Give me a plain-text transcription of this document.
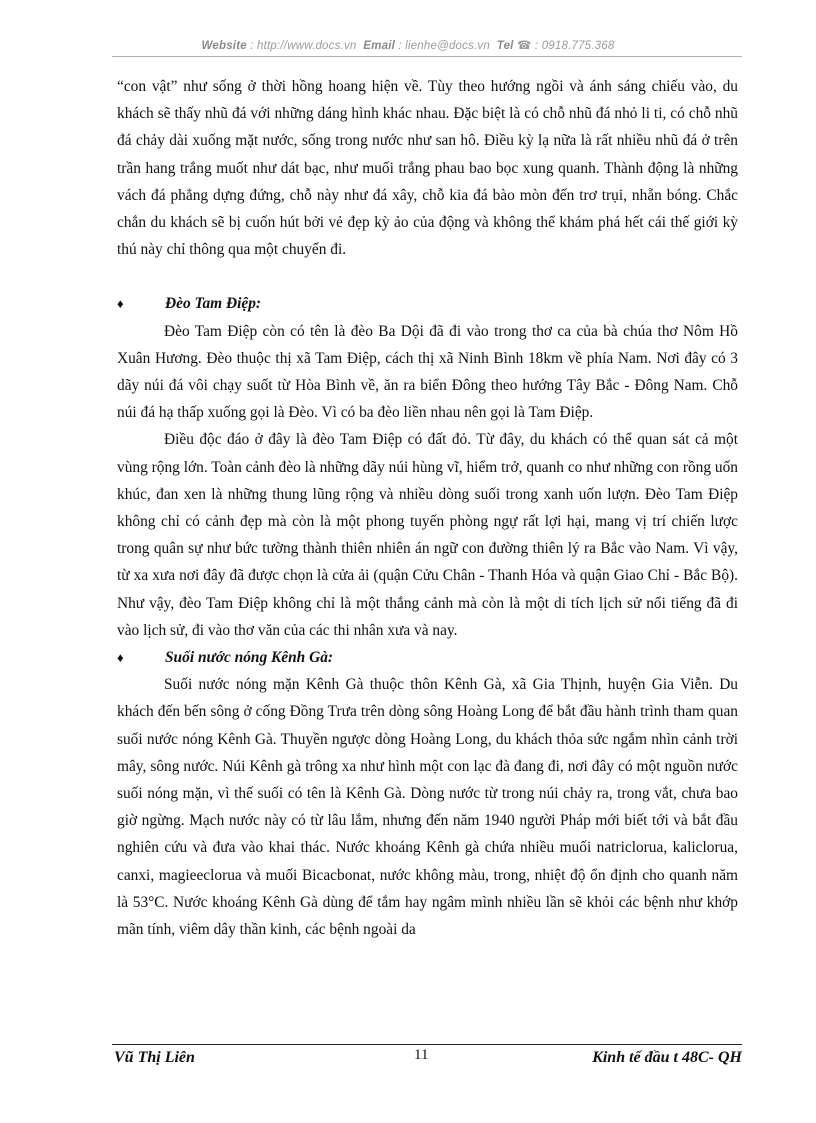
Website : http://www.docs.vn Email : lienhe@docs.vn Tel ☎ : 0918.775.368

“con vật” như sống ở thời hồng hoang hiện về. Tùy theo hướng ngồi và ánh sáng chiếu vào, du khách sẽ thấy nhũ đá với những dáng hình khác nhau. Đặc biệt là có chỗ nhũ đá nhỏ li ti, có chỗ nhũ đá chảy dài xuống mặt nước, sống trong nước như san hô. Điều kỳ lạ nữa là rất nhiều nhũ đá ở trên trần hang trắng muốt như dát bạc, như muối trắng phau bao bọc xung quanh. Thành động là những vách đá phẳng dựng đứng, chỗ này như đá xây, chỗ kia đá bào mòn đến trơ trụi, nhẵn bóng. Chắc chắn du khách sẽ bị cuốn hút bởi vẻ đẹp kỳ ảo của động và không thể khám phá hết cái thế giới kỳ thú này chỉ thông qua một chuyến đi.

♦	Đèo Tam Điệp:

Đèo Tam Điệp còn có tên là đèo Ba Dội đã đi vào trong thơ ca của bà chúa thơ Nôm Hồ Xuân Hương. Đèo thuộc thị xã Tam Điệp, cách thị xã Ninh Bình 18km về phía Nam. Nơi đây có 3 dãy núi đá vôi chạy suốt từ Hòa Bình về, ăn ra biển Đông theo hướng Tây Bắc - Đông Nam. Chỗ núi đá hạ thấp xuống gọi là Đèo. Vì có ba đèo liền nhau nên gọi là Tam Điệp.

Điều độc đáo ở đây là đèo Tam Điệp có đất đỏ. Từ đây, du khách có thể quan sát cả một vùng rộng lớn. Toàn cảnh đèo là những dãy núi hùng vĩ, hiểm trở, quanh co như những con rồng uốn khúc, đan xen là những thung lũng rộng và nhiều dòng suối trong xanh uốn lượn. Đèo Tam Điệp không chỉ có cảnh đẹp mà còn là một phong tuyến phòng ngự rất lợi hại, mang vị trí chiến lược trong quân sự như bức tường thành thiên nhiên án ngữ con đường thiên lý ra Bắc vào Nam. Vì vậy, từ xa xưa nơi đây đã được chọn là cửa ải (quận Cửu Chân - Thanh Hóa và quận Giao Chỉ - Bắc Bộ). Như vậy, đèo Tam Điệp không chỉ là một thắng cảnh mà còn là một di tích lịch sử nổi tiếng đã đi vào lịch sử, đi vào thơ văn của các thi nhân xưa và nay.

♦	Suối nước nóng Kênh Gà:

Suối nước nóng mặn Kênh Gà thuộc thôn Kênh Gà, xã Gia Thịnh, huyện Gia Viễn. Du khách đến bến sông ở cống Đồng Trưa trên dòng sông Hoàng Long để bắt đầu hành trình tham quan suối nước nóng Kênh Gà. Thuyền ngược dòng Hoàng Long, du khách thỏa sức ngắm nhìn cảnh trời mây, sông nước. Núi Kênh gà trông xa như hình một con lạc đà đang đi, nơi đây có một nguồn nước suối nóng mặn, vì thế suối có tên là Kênh Gà. Dòng nước từ trong núi chảy ra, trong vắt, chưa bao giờ ngừng. Mạch nước này có từ lâu lắm, nhưng đến năm 1940 người Pháp mới biết tới và bắt đầu nghiên cứu và đưa vào khai thác. Nước khoáng Kênh gà chứa nhiều muối natriclorua, kaliclorua, canxi, magieeclorua và muối Bicacbonat, nước không màu, trong, nhiệt độ ổn định cho quanh năm là 53°C. Nước khoáng Kênh Gà dùng để tắm hay ngâm mình nhiều lần sẽ khỏi các bệnh như khớp mãn tính, viêm dây thần kinh, các bệnh ngoài da

Vũ Thị Liên	11	Kinh tế đầu t 48C- QH
